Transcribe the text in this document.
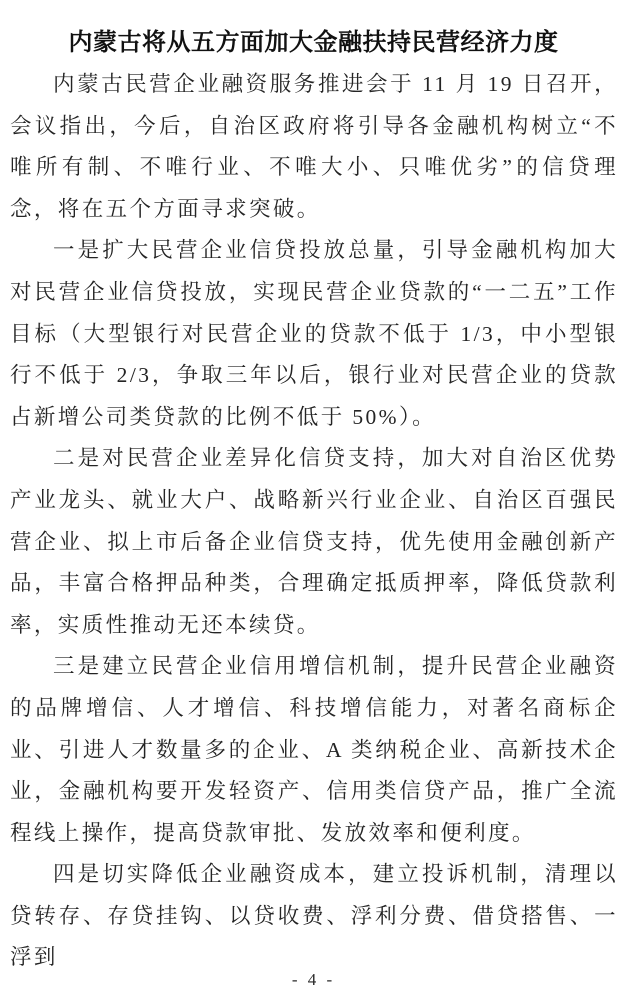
内蒙古将从五方面加大金融扶持民营经济力度

内蒙古民营企业融资服务推进会于 11 月 19 日召开，会议指出，今后，自治区政府将引导各金融机构树立“不唯所有制、不唯行业、不唯大小、只唯优劣”的信贷理念，将在五个方面寻求突破。

一是扩大民营企业信贷投放总量，引导金融机构加大对民营企业信贷投放，实现民营企业贷款的“一二五”工作目标（大型银行对民营企业的贷款不低于 1/3，中小型银行不低于 2/3，争取三年以后，银行业对民营企业的贷款占新增公司类贷款的比例不低于 50%）。

二是对民营企业差异化信贷支持，加大对自治区优势产业龙头、就业大户、战略新兴行业企业、自治区百强民营企业、拟上市后备企业信贷支持，优先使用金融创新产品，丰富合格押品种类，合理确定抵质押率，降低贷款利率，实质性推动无还本续贷。

三是建立民营企业信用增信机制，提升民营企业融资的品牌增信、人才增信、科技增信能力，对著名商标企业、引进人才数量多的企业、A 类纳税企业、高新技术企业，金融机构要开发轻资产、信用类信贷产品，推广全流程线上操作，提高贷款审批、发放效率和便利度。

四是切实降低企业融资成本，建立投诉机制，清理以贷转存、存贷挂钩、以贷收费、浮利分费、借贷搭售、一浮到

- 4 -
